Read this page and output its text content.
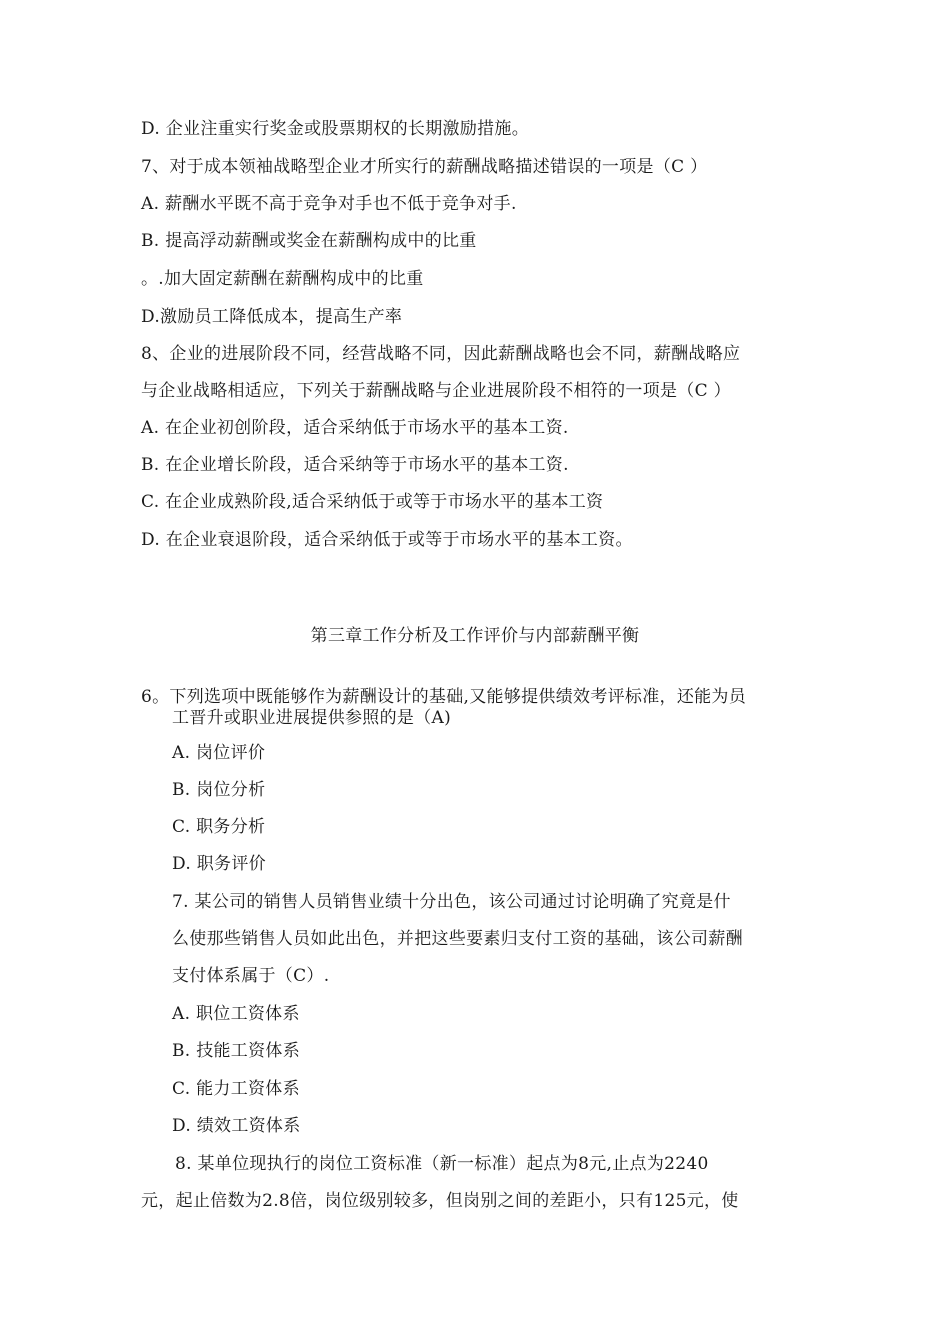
D. 企业注重实行奖金或股票期权的长期激励措施。
7、对于成本领袖战略型企业才所实行的薪酬战略描述错误的一项是（C ）
A. 薪酬水平既不高于竞争对手也不低于竞争对手.
B. 提高浮动薪酬或奖金在薪酬构成中的比重
。.加大固定薪酬在薪酬构成中的比重
D.激励员工降低成本，提高生产率
8、企业的进展阶段不同，经营战略不同，因此薪酬战略也会不同，薪酬战略应
与企业战略相适应，下列关于薪酬战略与企业进展阶段不相符的一项是（C ）
A. 在企业初创阶段，适合采纳低于市场水平的基本工资.
B. 在企业增长阶段，适合采纳等于市场水平的基本工资.
C. 在企业成熟阶段,适合采纳低于或等于市场水平的基本工资
D. 在企业衰退阶段，适合采纳低于或等于市场水平的基本工资。
第三章工作分析及工作评价与内部薪酬平衡
6。下列选项中既能够作为薪酬设计的基础,又能够提供绩效考评标准，还能为员
工晋升或职业进展提供参照的是（A)
A. 岗位评价
B. 岗位分析
C. 职务分析
D. 职务评价
7. 某公司的销售人员销售业绩十分出色，该公司通过讨论明确了究竟是什
么使那些销售人员如此出色，并把这些要素归支付工资的基础，该公司薪酬
支付体系属于（C）.
A. 职位工资体系
B. 技能工资体系
C. 能力工资体系
D. 绩效工资体系
8. 某单位现执行的岗位工资标准（新一标准）起点为8元,止点为2240
元，起止倍数为2.8倍，岗位级别较多，但岗别之间的差距小，只有125元，使
